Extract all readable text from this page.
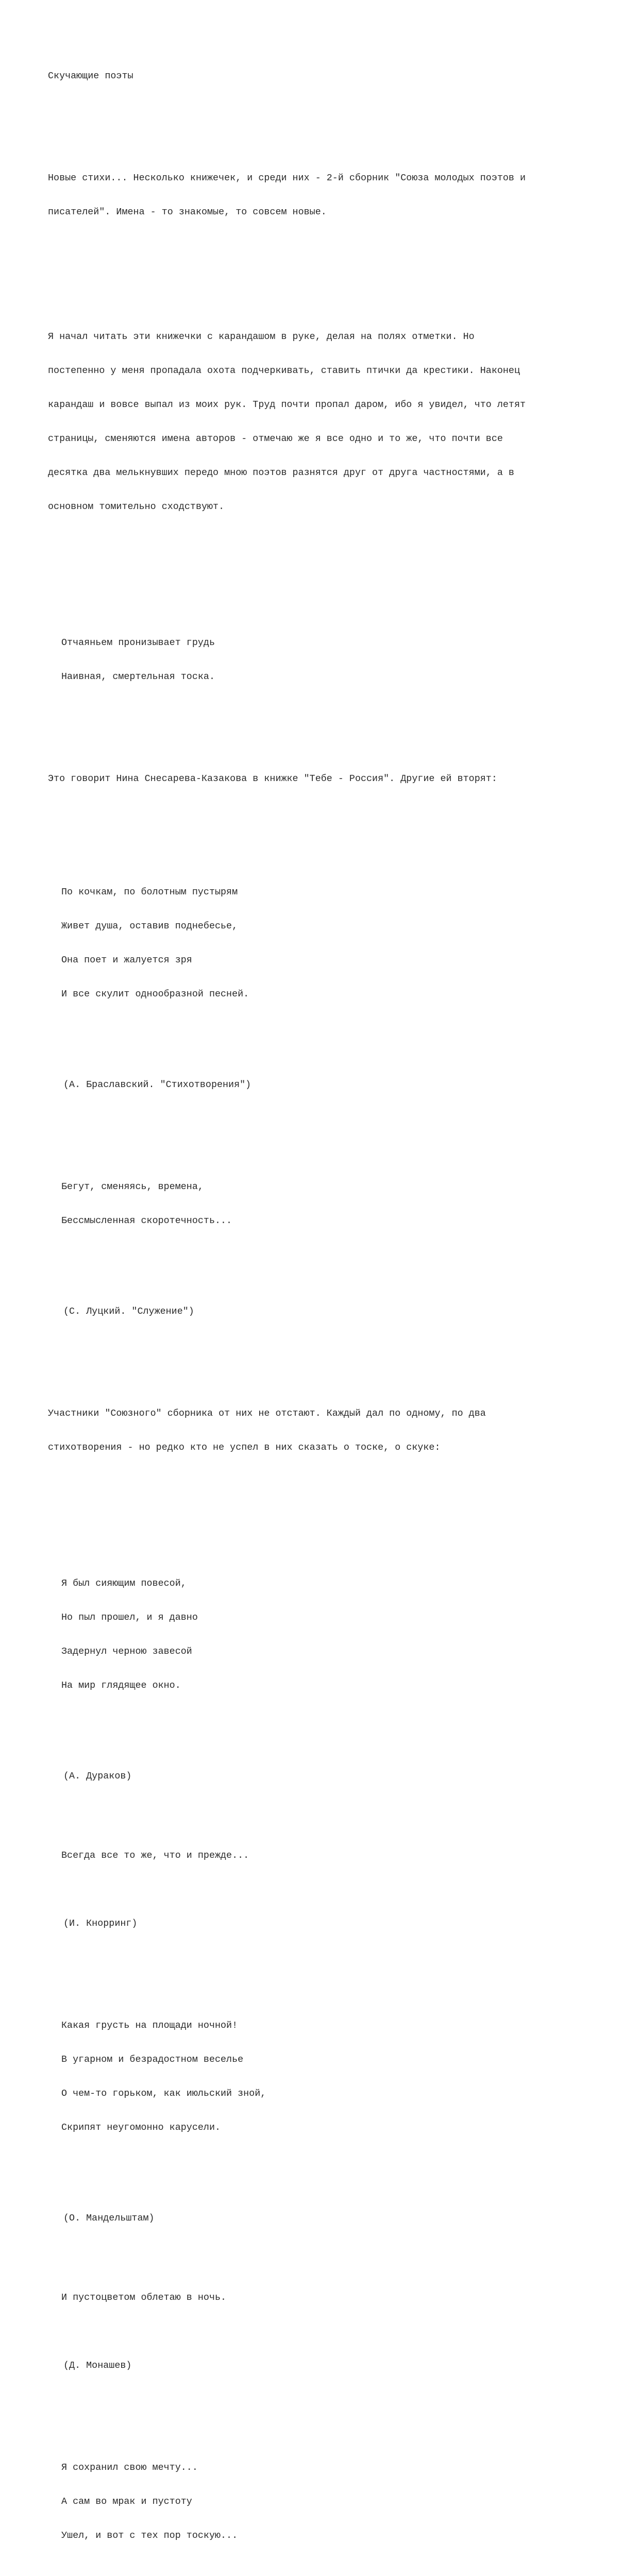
Скучающие поэты

Новые стихи... Несколько книжечек, и среди них - 2-й сборник "Союза молодых поэтов и

писателей". Имена - то знакомые, то совсем новые.

Я начал читать эти книжечки с карандашом в руке, делая на полях отметки. Но

постепенно у меня пропадала охота подчеркивать, ставить птички да крестики. Наконец

карандаш и вовсе выпал из моих рук. Труд почти пропал даром, ибо я увидел, что летят

страницы, сменяются имена авторов - отмечаю же я все одно и то же, что почти все

десятка два мелькнувших передо мною поэтов разнятся друг от друга частностями, а в

основном томительно сходствуют.

Отчаяньем пронизывает грудь

Наивная, смертельная тоска.

Это говорит Нина Снесарева-Казакова в книжке "Тебе - Россия". Другие ей вторят:

По кочкам, по болотным пустырям

Живет душа, оставив поднебесье,

Она поет и жалуется зря

И все скулит однообразной песней.

(А. Браславский. "Стихотворения")

Бегут, сменяясь, времена,

Бессмысленная скоротечность...

(С. Луцкий. "Служение")

Участники "Союзного" сборника от них не отстают. Каждый дал по одному, по два

стихотворения - но редко кто не успел в них сказать о тоске, о скуке:

Я был сияющим повесой,

Но пыл прошел, и я давно

Задернул черною завесой

На мир глядящее окно.

(А. Дураков)

Всегда все то же, что и прежде...

(И. Кнорринг)

Какая грусть на площади ночной!

В угарном и безрадостном веселье

О чем-то горьком, как июльский зной,

Скрипят неугомонно карусели.

(О. Мандельштам)

И пустоцветом облетаю в ночь.

(Д. Монашев)

Я сохранил свою мечту...

А сам во мрак и пустоту

Ушел, и вот с тех пор тоскую...
